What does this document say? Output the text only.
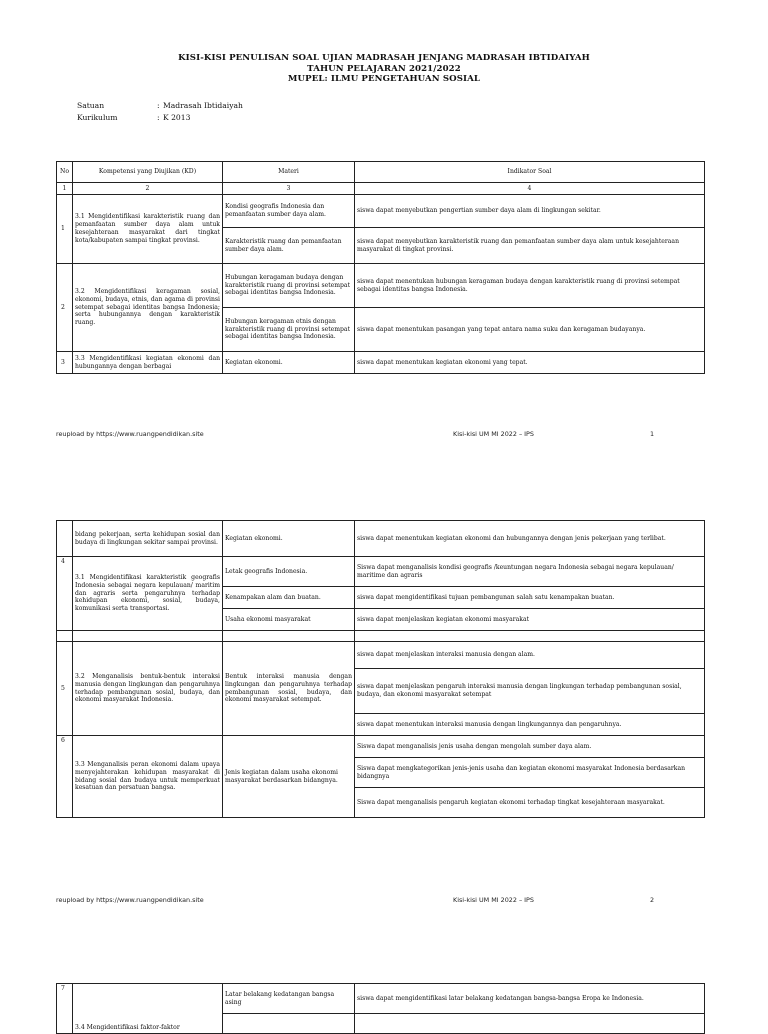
KISI-KISI PENULISAN SOAL UJIAN MADRASAH JENJANG MADRASAH IBTIDAIYAH
TAHUN PELAJARAN 2021/2022
MUPEL: ILMU PENGETAHUAN SOSIAL
Satuan	: Madrasah Ibtidaiyah
Kurikulum	: K 2013
No	Kompetensi yang Diujikan (KD)	Materi	Indikator Soal
1	2	3	4
1	3.1 Mengidentifikasi karakteristik ruang dan pemanfaatan sumber daya alam untuk kesejahteraan masyarakat dari tingkat kota/kabupaten sampai tingkat provinsi.	Kondisi geografis Indonesia dan pemanfaatan sumber daya alam.	siswa dapat menyebutkan pengertian sumber daya alam di lingkungan sekitar.
		Karakteristik ruang dan pemanfaatan sumber daya alam.	siswa dapat menyebutkan karakteristik ruang dan pemanfaatan sumber daya alam untuk kesejahteraan masyarakat di tingkat provinsi.
2	3.2 Mengidentifikasi keragaman sosial, ekonomi, budaya, etnis, dan agama di provinsi setempat sebagai identitas bangsa Indonesia; serta hubungannya dengan karakteristik ruang.	Hubungan keragaman budaya dengan karakteristik ruang di provinsi setempat sebagai identitas bangsa Indonesia.	siswa dapat menentukan hubungan keragaman budaya dengan karakteristik ruang di provinsi setempat sebagai identitas bangsa Indonesia.
		Hubungan keragaman etnis dengan karakteristik ruang di provinsi setempat sebagai identitas bangsa Indonesia.	siswa dapat menentukan pasangan yang tepat antara nama suku dan keragaman budayanya.
3	3.3 Mengidentifikasi kegiatan ekonomi dan hubungannya dengan berbagai	Kegiatan ekonomi.	siswa dapat menentukan kegiatan ekonomi yang tepat.
reupload by https://www.ruangpendidikan.site	Kisi-kisi UM MI 2022 – IPS	1
	bidang pekerjaan, serta kehidupan sosial dan budaya di lingkungan sekitar sampai provinsi.	Kegiatan ekonomi.	siswa dapat menentukan kegiatan ekonomi dan hubungannya dengan jenis pekerjaan yang terlibat.
4	3.1 Mengidentifikasi karakteristik geografis Indonesia sebagai negara kepulauan/ maritim dan agraris serta pengaruhnya terhadap kehidupan ekonomi, sosial, budaya, komunikasi serta transportasi.	Letak geografis Indonesia.	Siswa dapat menganalisis kondisi geografis /keuntungan negara Indonesia sebagai negara kepulauan/ maritime dan agraris
		Kenampakan alam dan buatan.	siswa dapat mengidentifikasi tujuan pembangunan salah satu kenampakan buatan.
		Usaha ekonomi masyarakat	siswa dapat menjelaskan kegiatan ekonomi masyarakat

5	3.2 Menganalisis bentuk-bentuk interaksi manusia dengan lingkungan dan pengaruhnya terhadap pembangunan sosial, budaya, dan ekonomi masyarakat Indonesia.	Bentuk interaksi manusia dengan lingkungan dan pengaruhnya terhadap pembangunan sosial, budaya, dan ekonomi masyarakat setempat.	siswa dapat menjelaskan interaksi manusia dengan alam.
			siswa dapat menjelaskan pengaruh interaksi manusia dengan lingkungan terhadap pembangunan sosial, budaya, dan ekonomi masyarakat setempat
			siswa dapat menentukan interaksi manusia dengan lingkungannya dan pengaruhnya.
6	3.3 Menganalisis peran ekonomi dalam upaya menyejahterakan kehidupan masyarakat di bidang sosial dan budaya untuk memperkuat kesatuan dan persatuan bangsa.	Jenis kegiatan dalam usaha ekonomi masyarakat berdasarkan bidangnya.	Siswa dapat menganalisis jenis usaha dengan mengolah sumber daya alam.
			Siswa dapat mengkategorikan jenis-jenis usaha dan kegiatan ekonomi masyarakat Indonesia berdasarkan bidangnya
			Siswa dapat menganalisis pengaruh kegiatan ekonomi terhadap tingkat kesejahteraan masyarakat.
reupload by https://www.ruangpendidikan.site	Kisi-kisi UM MI 2022 – IPS	2
7	3.4 Mengidentifikasi faktor-faktor	Latar belakang kedatangan bangsa asing	siswa dapat mengidentifikasi latar belakang kedatangan bangsa-bangsa Eropa ke Indonesia.
